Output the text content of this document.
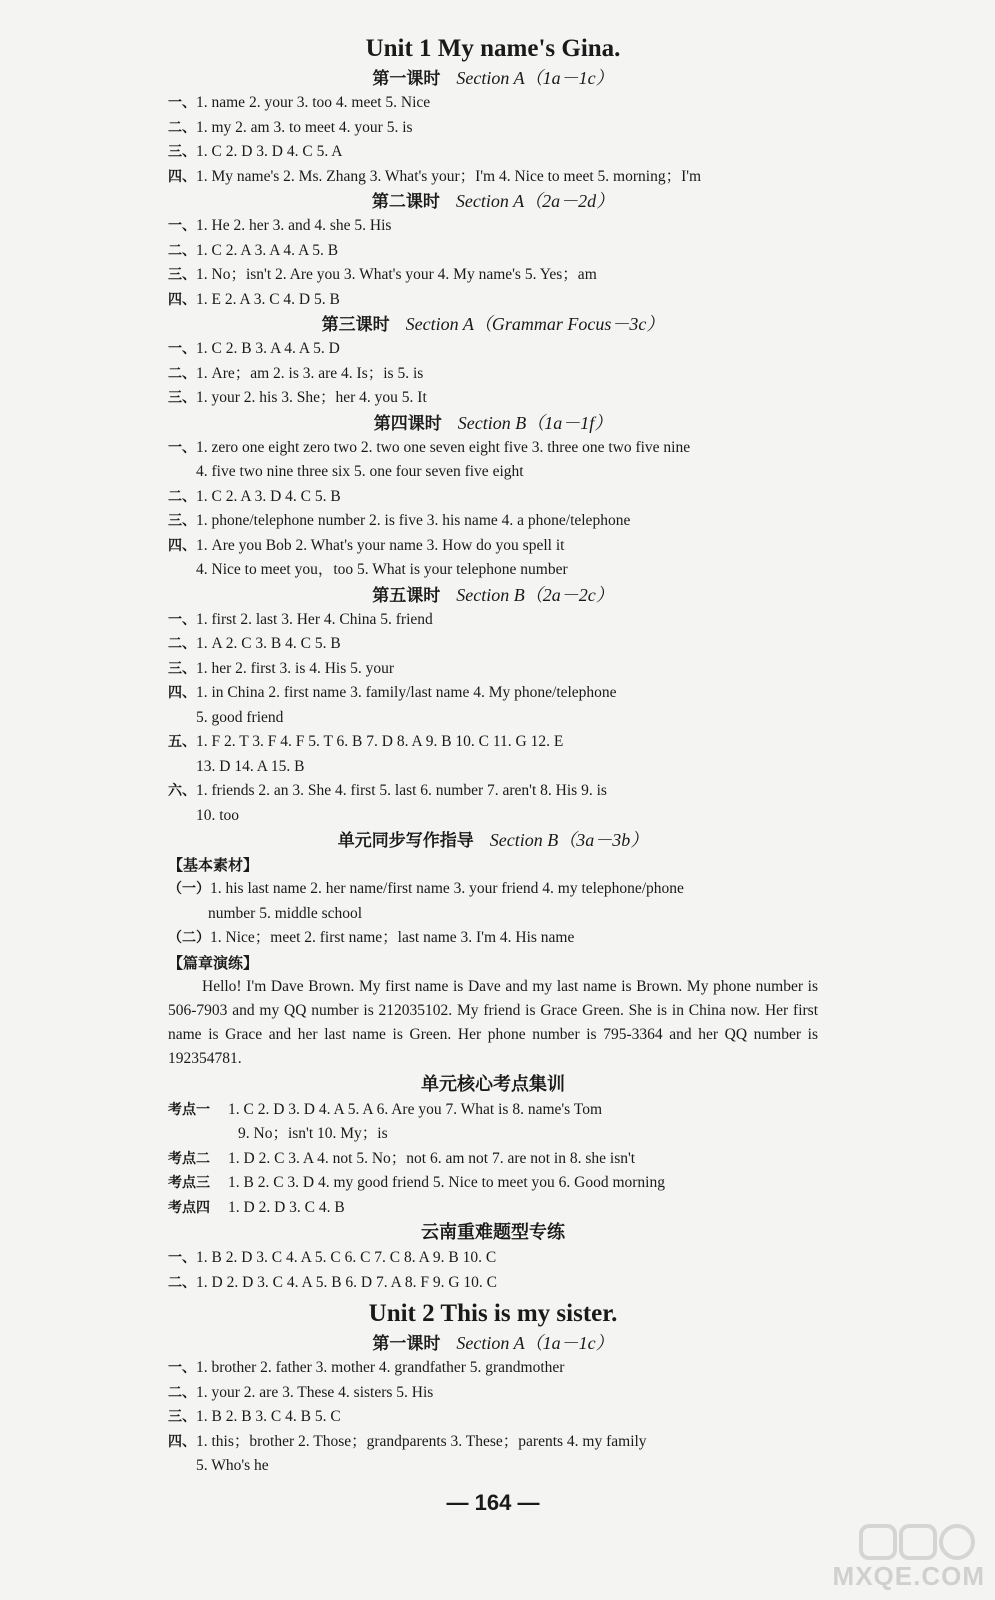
Unit 1 My name's Gina.
第一课时 Section A（1a－1c）
一、1. name 2. your 3. too 4. meet 5. Nice
二、1. my 2. am 3. to meet 4. your 5. is
三、1. C 2. D 3. D 4. C 5. A
四、1. My name's 2. Ms. Zhang 3. What's your；I'm 4. Nice to meet 5. morning；I'm
第二课时 Section A（2a－2d）
一、1. He 2. her 3. and 4. she 5. His
二、1. C 2. A 3. A 4. A 5. B
三、1. No；isn't 2. Are you 3. What's your 4. My name's 5. Yes；am
四、1. E 2. A 3. C 4. D 5. B
第三课时 Section A（Grammar Focus－3c）
一、1. C 2. B 3. A 4. A 5. D
二、1. Are；am 2. is 3. are 4. Is；is 5. is
三、1. your 2. his 3. She；her 4. you 5. It
第四课时 Section B（1a－1f）
一、1. zero one eight zero two 2. two one seven eight five 3. three one two five nine
4. five two nine three six 5. one four seven five eight
二、1. C 2. A 3. D 4. C 5. B
三、1. phone/telephone number 2. is five 3. his name 4. a phone/telephone
四、1. Are you Bob 2. What's your name 3. How do you spell it
4. Nice to meet you，too 5. What is your telephone number
第五课时 Section B（2a－2c）
一、1. first 2. last 3. Her 4. China 5. friend
二、1. A 2. C 3. B 4. C 5. B
三、1. her 2. first 3. is 4. His 5. your
四、1. in China 2. first name 3. family/last name 4. My phone/telephone
5. good friend
五、1. F 2. T 3. F 4. F 5. T 6. B 7. D 8. A 9. B 10. C 11. G 12. E
13. D 14. A 15. B
六、1. friends 2. an 3. She 4. first 5. last 6. number 7. aren't 8. His 9. is
10. too
单元同步写作指导 Section B（3a－3b）
【基本素材】
（一）1. his last name 2. her name/first name 3. your friend 4. my telephone/phone
number 5. middle school
（二）1. Nice；meet 2. first name；last name 3. I'm 4. His name
【篇章演练】
Hello! I'm Dave Brown. My first name is Dave and my last name is Brown. My phone number is 506-7903 and my QQ number is 212035102. My friend is Grace Green. She is in China now. Her first name is Grace and her last name is Green. Her phone number is 795-3364 and her QQ number is 192354781.
单元核心考点集训
考点一 1. C 2. D 3. D 4. A 5. A 6. Are you 7. What is 8. name's Tom
9. No；isn't 10. My；is
考点二 1. D 2. C 3. A 4. not 5. No；not 6. am not 7. are not in 8. she isn't
考点三 1. B 2. C 3. D 4. my good friend 5. Nice to meet you 6. Good morning
考点四 1. D 2. D 3. C 4. B
云南重难题型专练
一、1. B 2. D 3. C 4. A 5. C 6. C 7. C 8. A 9. B 10. C
二、1. D 2. D 3. C 4. A 5. B 6. D 7. A 8. F 9. G 10. C
Unit 2 This is my sister.
第一课时 Section A（1a－1c）
一、1. brother 2. father 3. mother 4. grandfather 5. grandmother
二、1. your 2. are 3. These 4. sisters 5. His
三、1. B 2. B 3. C 4. B 5. C
四、1. this；brother 2. Those；grandparents 3. These；parents 4. my family
5. Who's he
— 164 —
MXQE.COM
